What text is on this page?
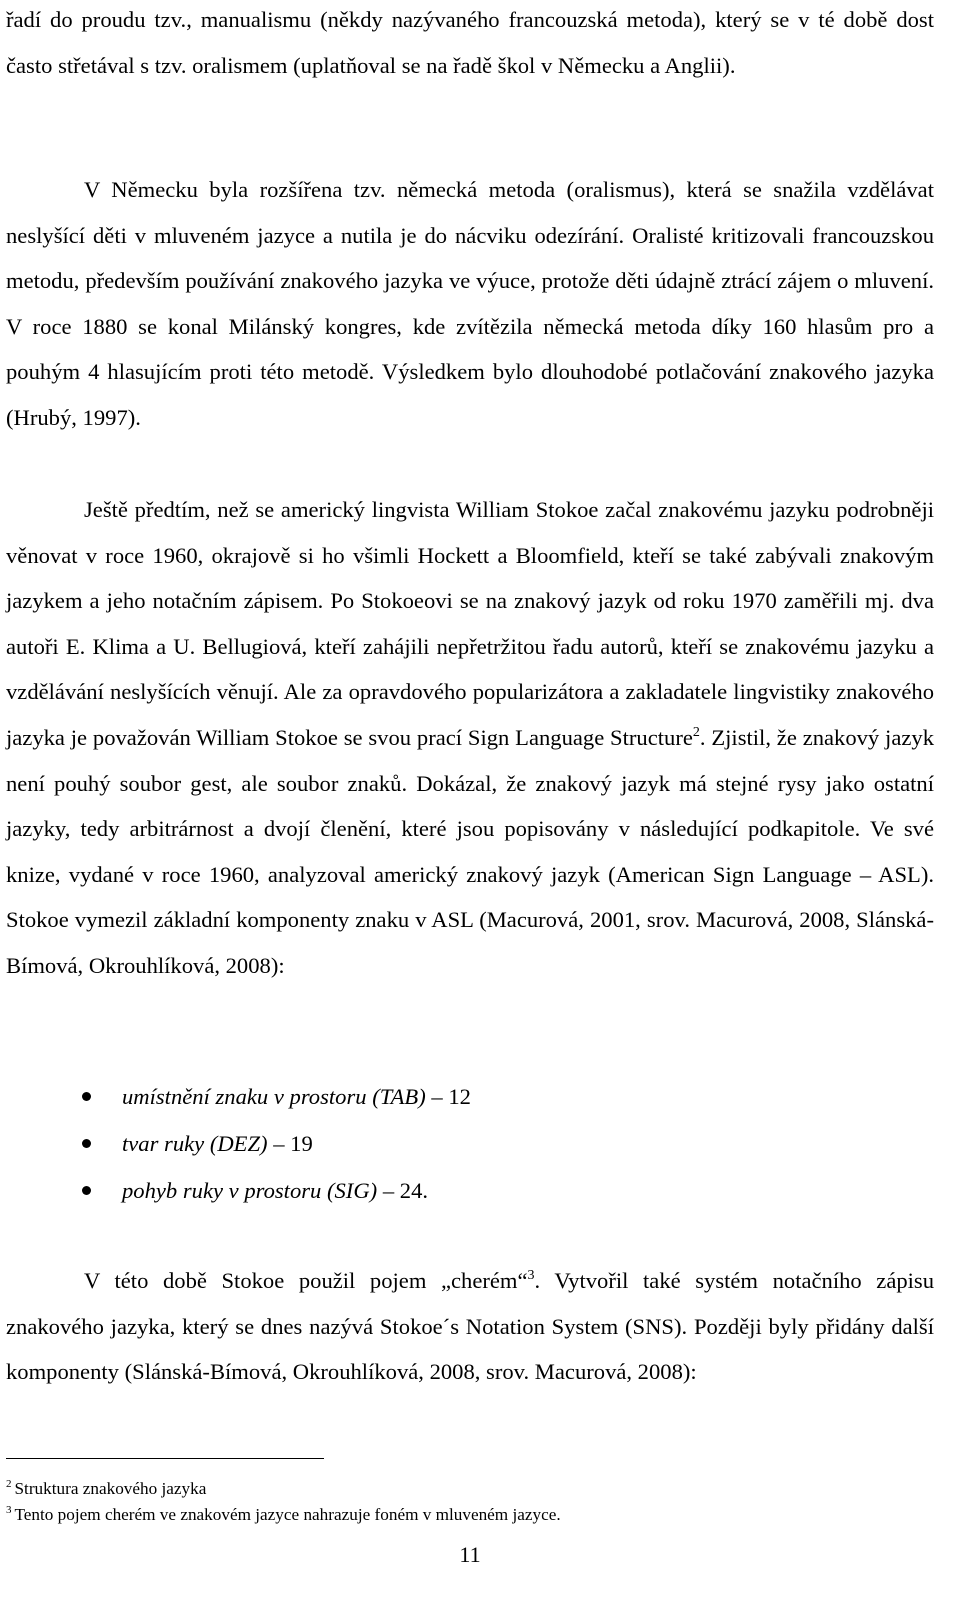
řadí do proudu tzv., manualismu (někdy nazývaného francouzská metoda), který se v té době dost často střetával s tzv. oralismem (uplatňoval se na řadě škol v Německu a Anglii).

V Německu byla rozšířena tzv. německá metoda (oralismus), která se snažila vzdělávat neslyšící děti v mluveném jazyce a nutila je do nácviku odezírání. Oralisté kritizovali francouzskou metodu, především používání znakového jazyka ve výuce, protože děti údajně ztrácí zájem o mluvení. V roce 1880 se konal Milánský kongres, kde zvítězila německá metoda díky 160 hlasům pro a pouhým 4 hlasujícím proti této metodě. Výsledkem bylo dlouhodobé potlačování znakového jazyka (Hrubý, 1997).

Ještě předtím, než se americký lingvista William Stokoe začal znakovému jazyku podrobněji věnovat v roce 1960, okrajově si ho všimli Hockett a Bloomfield, kteří se také zabývali znakovým jazykem a jeho notačním zápisem. Po Stokoeovi se na znakový jazyk od roku 1970 zaměřili mj. dva autoři E. Klima a U. Bellugiová, kteří zahájili nepřetržitou řadu autorů, kteří se znakovému jazyku a vzdělávání neslyšících věnují. Ale za opravdového popularizátora a zakladatele lingvistiky znakového jazyka je považován William Stokoe se svou prací Sign Language Structure$^2$. Zjistil, že znakový jazyk není pouhý soubor gest, ale soubor znaků. Dokázal, že znakový jazyk má stejné rysy jako ostatní jazyky, tedy arbitrárnost a dvojí členění, které jsou popisovány v následující podkapitole. Ve své knize, vydané v roce 1960, analyzoval americký znakový jazyk (American Sign Language – ASL). Stokoe vymezil základní komponenty znaku v ASL (Macurová, 2001, srov. Macurová, 2008, Slánská-Bímová, Okrouhlíková, 2008):

umístnění znaku v prostoru (TAB) – 12
tvar ruky (DEZ) – 19
pohyb ruky v prostoru (SIG) – 24.

V této době Stokoe použil pojem „cherém“$^3$. Vytvořil také systém notačního zápisu znakového jazyka, který se dnes nazývá Stokoe´s Notation System (SNS). Později byly přidány další komponenty (Slánská-Bímová, Okrouhlíková, 2008, srov. Macurová, 2008):

$^2$ Struktura znakového jazyka
$^3$ Tento pojem cherém ve znakovém jazyce nahrazuje foném v mluveném jazyce.
11
